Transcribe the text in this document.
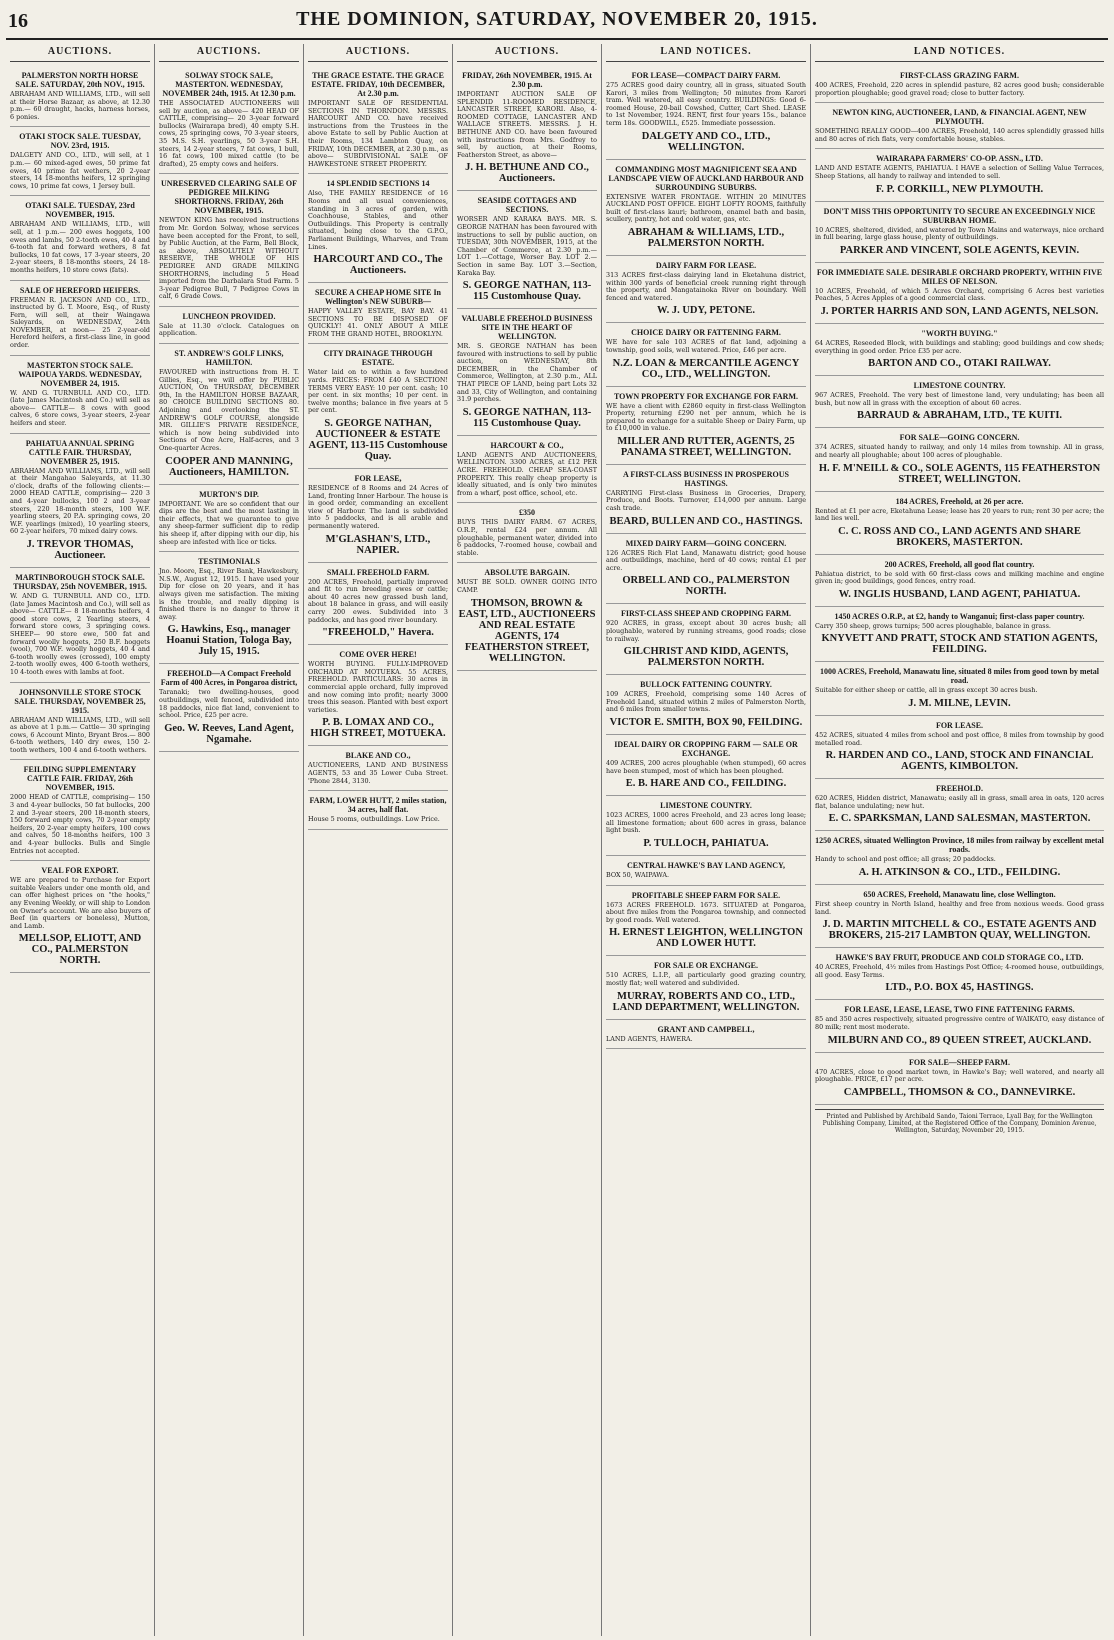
16	THE DOMINION, SATURDAY, NOVEMBER 20, 1915.
AUCTIONS.
PALMERSTON NORTH HORSE SALE. SATURDAY, 20th NOV., 1915.
ABRAHAM AND WILLIAMS, LTD., will sell at their Horse Bazaar, as above, at 12.30 p.m.— 60 draught, hacks, harness horses, 6 ponies.
OTAKI STOCK SALE. TUESDAY, NOV. 23rd, 1915.
DALGETY AND CO., LTD., will sell, at 1 p.m.— 60 mixed-aged ewes, 50 prime fat ewes, 40 prime fat wethers, 20 2-year steers, 14 18-months heifers, 12 springing cows, 10 prime fat cows, 1 Jersey bull.
OTAKI SALE. TUESDAY, 23rd NOVEMBER, 1915.
ABRAHAM AND WILLIAMS, LTD., will sell, at 1 p.m.— 200 ewes hoggets, 100 ewes and lambs, 50 2-tooth ewes, 40 4 and 6-tooth fat and forward wethers, 8 fat bullocks, 10 fat cows, 17 3-year steers, 20 2-year steers, 8 18-months steers, 24 18-months heifers, 10 store cows (fats).
SALE OF HEREFORD HEIFERS.
FREEMAN R. JACKSON AND CO., LTD., instructed by G. T. Moore, Esq., of Rusty Fern, will sell, at their Waingawa Saleyards, on WEDNESDAY, 24th NOVEMBER, at noon— 25 2-year-old Hereford heifers, a first-class line, in good order.
MASTERTON STOCK SALE. WAIPOUA YARDS. WEDNESDAY, NOVEMBER 24, 1915.
W. AND G. TURNBULL AND CO., LTD. (late James Macintosh and Co.) will sell as above— CATTLE— 8 cows with good calves, 6 store cows, 3-year steers, 2-year heifers and steer.
PAHIATUA ANNUAL SPRING CATTLE FAIR. THURSDAY, NOVEMBER 25, 1915.
ABRAHAM AND WILLIAMS, LTD., will sell at their Mangahao Saleyards, at 11.30 o'clock, drafts of the following clients:— 2000 HEAD CATTLE, comprising— 220 3 and 4-year bullocks, 100 2 and 3-year steers, 220 18-month steers, 100 W.F. yearling steers, 20 P.A. springing cows, 20 W.F. yearlings (mixed), 10 yearling steers, 60 2-year heifers, 70 mixed dairy cows.
J. TREVOR THOMAS, Auctioneer.
MARTINBOROUGH STOCK SALE. THURSDAY, 25th NOVEMBER, 1915.
W. AND G. TURNBULL AND CO., LTD. (late James Macintosh and Co.), will sell as above— CATTLE— 8 18-months heifers, 4 good store cows, 2 Yearling steers, 4 forward store cows, 3 springing cows. SHEEP— 90 store ewe, 500 fat and forward woolly hoggets, 250 B.F. hoggets (wool), 700 W.F. woolly hoggets, 40 4 and 6-tooth woolly ewes (crossed), 100 empty 2-tooth woolly ewes, 400 6-tooth wethers, 10 4-tooth ewes with lambs at foot.
JOHNSONVILLE STORE STOCK SALE. THURSDAY, NOVEMBER 25, 1915.
ABRAHAM AND WILLIAMS, LTD., will sell as above at 1 p.m.— Cattle— 30 springing cows, 6 Account Minto, Bryant Bros.— 800 6-tooth wethers, 140 dry ewes, 150 2-tooth wethers, 100 4 and 6-tooth wethers.
FEILDING SUPPLEMENTARY CATTLE FAIR. FRIDAY, 26th NOVEMBER, 1915.
2000 HEAD of CATTLE, comprising— 150 3 and 4-year bullocks, 50 fat bullocks, 200 2 and 3-year steers, 200 18-month steers, 150 forward empty cows, 70 2-year empty heifers, 20 2-year empty heifers, 100 cows and calves, 50 18-months heifers, 100 3 and 4-year bullocks. Bulls and Single Entries not accepted.
VEAL FOR EXPORT.
WE are prepared to Purchase for Export suitable Vealers under one month old, and can offer highest prices on "the hooks," any Evening Weekly, or will ship to London on Owner's account. We are also buyers of Beef (in quarters or boneless), Mutton, and Lamb.
MELLSOP, ELIOTT, AND CO., PALMERSTON NORTH.
AUCTIONS.
SOLWAY STOCK SALE, MASTERTON. WEDNESDAY, NOVEMBER 24th, 1915. At 12.30 p.m.
THE ASSOCIATED AUCTIONEERS will sell by auction, as above— 420 HEAD OF CATTLE, comprising— 20 3-year forward bullocks (Wairarapa bred), 40 empty S.H. cows, 25 springing cows, 70 3-year steers, 35 M.S. S.H. yearlings, 50 3-year S.H. steers, 14 2-year steers, 7 fat cows, 1 bull, 16 fat cows, 100 mixed cattle (to be drafted), 25 empty cows and heifers.
UNRESERVED CLEARING SALE OF PEDIGREE MILKING SHORTHORNS. FRIDAY, 26th NOVEMBER, 1915.
NEWTON KING has received instructions from Mr. Gordon Solway, whose services have been accepted for the Front, to sell, by Public Auction, at the Farm, Bell Block, as above, ABSOLUTELY WITHOUT RESERVE, THE WHOLE OF HIS PEDIGREE AND GRADE MILKING SHORTHORNS, including 5 Head imported from the Darbalara Stud Farm. 5 3-year Pedigree Bull, 7 Pedigree Cows in calf, 6 Grade Cows.
LUNCHEON PROVIDED.
Sale at 11.30 o'clock. Catalogues on application.
ST. ANDREW'S GOLF LINKS, HAMILTON.
FAVOURED with instructions from H. T. Gillies, Esq., we will offer by PUBLIC AUCTION, On THURSDAY, DECEMBER 9th, In the HAMILTON HORSE BAZAAR, 80 CHOICE BUILDING SECTIONS 80. Adjoining and overlooking the ST. ANDREW'S GOLF COURSE, alongside MR. GILLIE'S PRIVATE RESIDENCE, which is now being subdivided into Sections of One Acre, Half-acres, and 3 One-quarter Acres.
COOPER AND MANNING, Auctioneers, HAMILTON.
MURTON'S DIP.
IMPORTANT. We are so confident that our dips are the best and the most lasting in their effects, that we guarantee to give any sheep-farmer sufficient dip to redip his sheep if, after dipping with our dip, his sheep are infested with lice or ticks.
TESTIMONIALS
Jno. Moore, Esq., River Bank, Hawkesbury, N.S.W., August 12, 1915. I have used your Dip for close on 20 years, and it has always given me satisfaction. The mixing is the trouble, and really dipping is finished there is no danger to throw it away.
G. Hawkins, Esq., manager Hoanui Station, Tologa Bay, July 15, 1915.
FREEHOLD—A Compact Freehold Farm of 400 Acres, in Pongaroa district,
Taranaki; two dwelling-houses, good outbuildings, well fenced, subdivided into 18 paddocks, nice flat land, convenient to school. Price, £25 per acre.
Geo. W. Reeves, Land Agent, Ngamahe.
AUCTIONS.
THE GRACE ESTATE. THE GRACE ESTATE. FRIDAY, 10th DECEMBER, At 2.30 p.m.
IMPORTANT SALE OF RESIDENTIAL SECTIONS IN THORNDON. MESSRS. HARCOURT AND CO. have received instructions from the Trustees in the above Estate to sell by Public Auction at their Rooms, 134 Lambton Quay, on FRIDAY, 10th DECEMBER, at 2.30 p.m., as above— SUBDIVISIONAL SALE OF HAWKESTONE STREET PROPERTY.
14 SPLENDID SECTIONS 14
Also, THE FAMILY RESIDENCE of 16 Rooms and all usual conveniences, standing in 3 acres of garden, with Coachhouse, Stables, and other Outbuildings. This Property is centrally situated, being close to the G.P.O., Parliament Buildings, Wharves, and Tram Lines.
HARCOURT AND CO., The Auctioneers.
SECURE A CHEAP HOME SITE In Wellington's NEW SUBURB—
HAPPY VALLEY ESTATE, BAY BAY. 41 SECTIONS TO BE DISPOSED OF QUICKLY! 41. ONLY ABOUT A MILE FROM THE GRAND HOTEL, BROOKLYN.
CITY DRAINAGE THROUGH ESTATE.
Water laid on to within a few hundred yards. PRICES: FROM £40 A SECTION! TERMS VERY EASY: 10 per cent. cash; 10 per cent. in six months; 10 per cent. in twelve months; balance in five years at 5 per cent.
S. GEORGE NATHAN, AUCTIONEER & ESTATE AGENT, 113-115 Customhouse Quay.
FOR LEASE,
RESIDENCE of 8 Rooms and 24 Acres of Land, fronting Inner Harbour. The house is in good order, commanding an excellent view of Harbour. The land is subdivided into 5 paddocks, and is all arable and permanently watered.
M'GLASHAN'S, LTD., NAPIER.
SMALL FREEHOLD FARM.
200 ACRES, Freehold, partially improved and fit to run breeding ewes or cattle; about 40 acres new grassed bush land, about 18 balance in grass, and will easily carry 200 ewes. Subdivided into 3 paddocks, and has good river boundary.
"FREEHOLD," Havera.
COME OVER HERE!
WORTH BUYING. FULLY-IMPROVED ORCHARD AT MOTUEKA. 55 ACRES, FREEHOLD. PARTICULARS: 30 acres in commercial apple orchard, fully improved and now coming into profit; nearly 3000 trees this season. Planted with best export varieties.
P. B. LOMAX AND CO., HIGH STREET, MOTUEKA.
BLAKE AND CO.,
AUCTIONEERS, LAND AND BUSINESS AGENTS, 53 and 35 Lower Cuba Street. 'Phone 2844, 3130.
FARM, LOWER HUTT, 2 miles station, 34 acres, half flat.
House 5 rooms, outbuildings. Low Price.
AUCTIONS.
FRIDAY, 26th NOVEMBER, 1915. At 2.30 p.m.
IMPORTANT AUCTION SALE OF SPLENDID 11-ROOMED RESIDENCE, LANCASTER STREET, KARORI. Also, 4-ROOMED COTTAGE, LANCASTER AND WALLACE STREETS. MESSRS. J. H. BETHUNE AND CO. have been favoured with instructions from Mrs. Godfrey to sell, by auction, at their Rooms, Featherston Street, as above—
J. H. BETHUNE AND CO., Auctioneers.
SEASIDE COTTAGES AND SECTIONS.
WORSER AND KARAKA BAYS. MR. S. GEORGE NATHAN has been favoured with instructions to sell by public auction, on TUESDAY, 30th NOVEMBER, 1915, at the Chamber of Commerce, at 2.30 p.m.— LOT 1.—Cottage, Worser Bay. LOT 2.—Section in same Bay. LOT 3.—Section, Karaka Bay.
S. GEORGE NATHAN, 113-115 Customhouse Quay.
VALUABLE FREEHOLD BUSINESS SITE IN THE HEART OF WELLINGTON.
MR. S. GEORGE NATHAN has been favoured with instructions to sell by public auction, on WEDNESDAY, 8th DECEMBER, in the Chamber of Commerce, Wellington, at 2.30 p.m., ALL THAT PIECE OF LAND, being part Lots 32 and 33, City of Wellington, and containing 31.9 perches.
S. GEORGE NATHAN, 113-115 Customhouse Quay.
HARCOURT & CO.,
LAND AGENTS AND AUCTIONEERS, WELLINGTON. 3300 ACRES, at £12 PER ACRE. FREEHOLD. CHEAP SEA-COAST PROPERTY. This really cheap property is ideally situated, and is only two minutes from a wharf, post office, school, etc.
£350
BUYS THIS DAIRY FARM. 67 ACRES, O.R.P., rental £24 per annum. All ploughable, permanent water, divided into 6 paddocks, 7-roomed house, cowbail and stable.
ABSOLUTE BARGAIN.
MUST BE SOLD. OWNER GOING INTO CAMP.
THOMSON, BROWN & EAST, LTD., AUCTIONEERS AND REAL ESTATE AGENTS, 174 FEATHERSTON STREET, WELLINGTON.
LAND NOTICES.
FOR LEASE—COMPACT DAIRY FARM.
275 ACRES good dairy country, all in grass, situated South Karori, 3 miles from Wellington; 50 minutes from Karori tram. Well watered, all easy country. BUILDINGS: Good 6-roomed House, 20-bail Cowshed, Cutter, Cart Shed. LEASE to 1st November, 1924. RENT, first four years 15s., balance term 18s. GOODWILL, £525. Immediate possession.
DALGETY AND CO., LTD., WELLINGTON.
COMMANDING MOST MAGNIFICENT SEA AND LANDSCAPE VIEW OF AUCKLAND HARBOUR AND SURROUNDING SUBURBS.
EXTENSIVE WATER FRONTAGE. WITHIN 20 MINUTES AUCKLAND POST OFFICE. EIGHT LOFTY ROOMS, faithfully built of first-class kauri; bathroom, enamel bath and basin, scullery, pantry, hot and cold water, gas, etc.
ABRAHAM & WILLIAMS, LTD., PALMERSTON NORTH.
DAIRY FARM FOR LEASE.
313 ACRES first-class dairying land in Eketahuna district, within 300 yards of beneficial creek running right through the property, and Mangatainoka River on boundary. Well fenced and watered.
W. J. UDY, PETONE.
CHOICE DAIRY OR FATTENING FARM.
WE have for sale 103 ACRES of flat land, adjoining a township, good soils, well watered. Price, £46 per acre.
N.Z. LOAN & MERCANTILE AGENCY CO., LTD., WELLINGTON.
TOWN PROPERTY FOR EXCHANGE FOR FARM.
WE have a client with £2860 equity in first-class Wellington Property, returning £290 net per annum, which he is prepared to exchange for a suitable Sheep or Dairy Farm, up to £10,000 in value.
MILLER AND RUTTER, AGENTS, 25 PANAMA STREET, WELLINGTON.
A FIRST-CLASS BUSINESS IN PROSPEROUS HASTINGS.
CARRYING First-class Business in Groceries, Drapery, Produce, and Boots. Turnover, £14,000 per annum. Large cash trade.
BEARD, BULLEN AND CO., HASTINGS.
MIXED DAIRY FARM—GOING CONCERN.
126 ACRES Rich Flat Land, Manawatu district; good house and outbuildings, machine, herd of 40 cows; rental £1 per acre.
ORBELL AND CO., PALMERSTON NORTH.
FIRST-CLASS SHEEP AND CROPPING FARM.
920 ACRES, in grass, except about 30 acres bush; all ploughable, watered by running streams, good roads; close to railway.
GILCHRIST AND KIDD, AGENTS, PALMERSTON NORTH.
BULLOCK FATTENING COUNTRY.
109 ACRES, Freehold, comprising some 140 Acres of Freehold Land, situated within 2 miles of Palmerston North, and 6 miles from smaller towns.
VICTOR E. SMITH, BOX 90, FEILDING.
IDEAL DAIRY OR CROPPING FARM — SALE OR EXCHANGE.
409 ACRES, 200 acres ploughable (when stumped), 60 acres have been stumped, most of which has been ploughed.
E. B. HARE AND CO., FEILDING.
LIMESTONE COUNTRY.
1023 ACRES, 1000 acres Freehold, and 23 acres long lease; all limestone formation; about 600 acres in grass, balance light bush.
P. TULLOCH, PAHIATUA.
CENTRAL HAWKE'S BAY LAND AGENCY,
BOX 50, WAIPAWA.
PROFITABLE SHEEP FARM FOR SALE.
1673 ACRES FREEHOLD. 1673. SITUATED at Pongaroa, about five miles from the Pongaroa township, and connected by good roads. Well watered.
H. ERNEST LEIGHTON, WELLINGTON AND LOWER HUTT.
FOR SALE OR EXCHANGE.
510 ACRES, L.I.P., all particularly good grazing country, mostly flat; well watered and subdivided.
MURRAY, ROBERTS AND CO., LTD., LAND DEPARTMENT, WELLINGTON.
GRANT AND CAMPBELL,
LAND AGENTS, HAWERA.
LAND NOTICES.
FIRST-CLASS GRAZING FARM.
400 ACRES, Freehold, 220 acres in splendid pasture, 82 acres good bush; considerable proportion ploughable; good gravel road; close to butter factory.
NEWTON KING, AUCTIONEER, LAND, & FINANCIAL AGENT, NEW PLYMOUTH.
SOMETHING REALLY GOOD—400 ACRES, Freehold, 140 acres splendidly grassed hills and 80 acres of rich flats, very comfortable house, stables.
WAIRARAPA FARMERS' CO-OP. ASSN., LTD.
LAND AND ESTATE AGENTS, PAHIATUA. I HAVE a selection of Selling Value Terraces, Sheep Stations, all handy to railway and intended to sell.
F. P. CORKILL, NEW PLYMOUTH.
DON'T MISS THIS OPPORTUNITY TO SECURE AN EXCEEDINGLY NICE SUBURBAN HOME.
10 ACRES, sheltered, divided, and watered by Town Mains and waterways, nice orchard in full bearing, large glass house, plenty of outbuildings.
PARKER AND VINCENT, SOLE AGENTS, KEVIN.
FOR IMMEDIATE SALE. DESIRABLE ORCHARD PROPERTY, WITHIN FIVE MILES OF NELSON.
10 ACRES, Freehold, of which 5 Acres Orchard, comprising 6 Acres best varieties Peaches, 5 Acres Apples of a good commercial class.
J. PORTER HARRIS AND SON, LAND AGENTS, NELSON.
"WORTH BUYING."
64 ACRES, Reseeded Block, with buildings and stabling; good buildings and cow sheds; everything in good order. Price £35 per acre.
BARTON AND CO., OTAKI RAILWAY.
LIMESTONE COUNTRY.
967 ACRES, Freehold. The very best of limestone land, very undulating; has been all bush, but now all in grass with the exception of about 60 acres.
BARRAUD & ABRAHAM, LTD., TE KUITI.
FOR SALE—GOING CONCERN.
374 ACRES, situated handy to railway, and only 14 miles from township. All in grass, and nearly all ploughable; about 100 acres of ploughable.
H. F. M'NEILL & CO., SOLE AGENTS, 115 FEATHERSTON STREET, WELLINGTON.
184 ACRES, Freehold, at 26 per acre.
Rented at £1 per acre, Eketahuna Lease; lease has 20 years to run; rent 30 per acre; the land lies well.
C. C. ROSS AND CO., LAND AGENTS AND SHARE BROKERS, MASTERTON.
200 ACRES, Freehold, all good flat country.
Pahiatua district, to be sold with 60 first-class cows and milking machine and engine given in; good buildings, good fences, entry road.
W. INGLIS HUSBAND, LAND AGENT, PAHIATUA.
1450 ACRES O.R.P., at £2, handy to Wanganui; first-class paper country.
Carry 350 sheep, grows turnips; 500 acres ploughable, balance in grass.
KNYVETT AND PRATT, STOCK AND STATION AGENTS, FEILDING.
1000 ACRES, Freehold, Manawatu line, situated 8 miles from good town by metal road.
Suitable for either sheep or cattle, all in grass except 30 acres bush.
J. M. MILNE, LEVIN.
FOR LEASE.
452 ACRES, situated 4 miles from school and post office, 8 miles from township by good metalled road.
R. HARDEN AND CO., LAND, STOCK AND FINANCIAL AGENTS, KIMBOLTON.
FREEHOLD.
620 ACRES, Hidden district, Manawatu; easily all in grass, small area in oats, 120 acres flat, balance undulating; new hut.
E. C. SPARKSMAN, LAND SALESMAN, MASTERTON.
1250 ACRES, situated Wellington Province, 18 miles from railway by excellent metal roads.
Handy to school and post office; all grass; 20 paddocks.
A. H. ATKINSON & CO., LTD., FEILDING.
650 ACRES, Freehold, Manawatu line, close Wellington.
First sheep country in North Island, healthy and free from noxious weeds. Good grass land.
J. D. MARTIN MITCHELL & CO., ESTATE AGENTS AND BROKERS, 215-217 LAMBTON QUAY, WELLINGTON.
HAWKE'S BAY FRUIT, PRODUCE AND COLD STORAGE CO., LTD.
40 ACRES, Freehold, 4½ miles from Hastings Post Office; 4-roomed house, outbuildings, all good. Easy Terms.
LTD., P.O. BOX 45, HASTINGS.
FOR LEASE, LEASE, LEASE, TWO FINE FATTENING FARMS.
85 and 350 acres respectively, situated progressive centre of WAIKATO, easy distance of 80 milk; rent most moderate.
MILBURN AND CO., 89 QUEEN STREET, AUCKLAND.
FOR SALE—SHEEP FARM.
470 ACRES, close to good market town, in Hawke's Bay; well watered, and nearly all ploughable. PRICE, £17 per acre.
CAMPBELL, THOMSON & CO., DANNEVIRKE.
Printed and Published by Archibald Sando, Taioni Terrace, Lyall Bay, for the Wellington Publishing Company, Limited, at the Registered Office of the Company, Dominion Avenue, Wellington, Saturday, November 20, 1915.
